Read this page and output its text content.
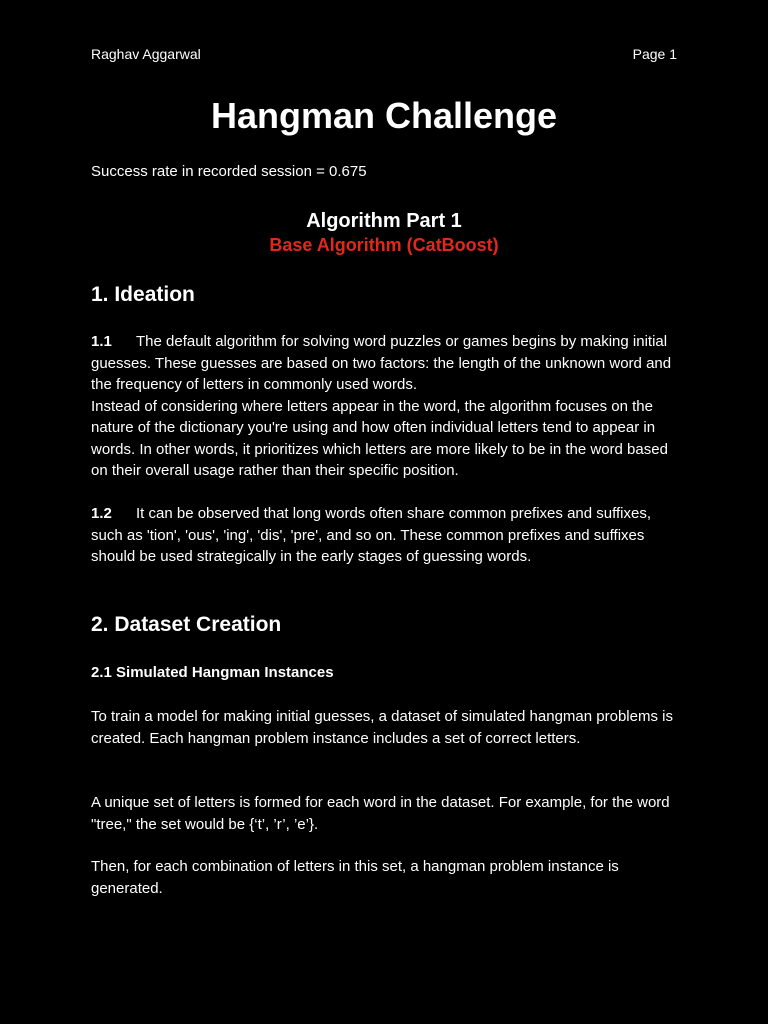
Raghav Aggarwal	Page 1
Hangman Challenge
Success rate in recorded session = 0.675
Algorithm Part 1
Base Algorithm (CatBoost)
1. Ideation

1.1 The default algorithm for solving word puzzles or games begins by making initial guesses. These guesses are based on two factors: the length of the unknown word and the frequency of letters in commonly used words.

Instead of considering where letters appear in the word, the algorithm focuses on the nature of the dictionary you're using and how often individual letters tend to appear in words. In other words, it prioritizes which letters are more likely to be in the word based on their overall usage rather than their specific position.

1.2 It can be observed that long words often share common prefixes and suffixes, such as 'tion', 'ous', 'ing', 'dis', 'pre', and so on. These common prefixes and suffixes should be used strategically in the early stages of guessing words.

2. Dataset Creation
2.1 Simulated Hangman Instances
To train a model for making initial guesses, a dataset of simulated hangman problems is created. Each hangman problem instance includes a set of correct letters.
A unique set of letters is formed for each word in the dataset. For example, for the word "tree," the set would be {‘t’, ’r’, ’e’}.
Then, for each combination of letters in this set, a hangman problem instance is generated.
